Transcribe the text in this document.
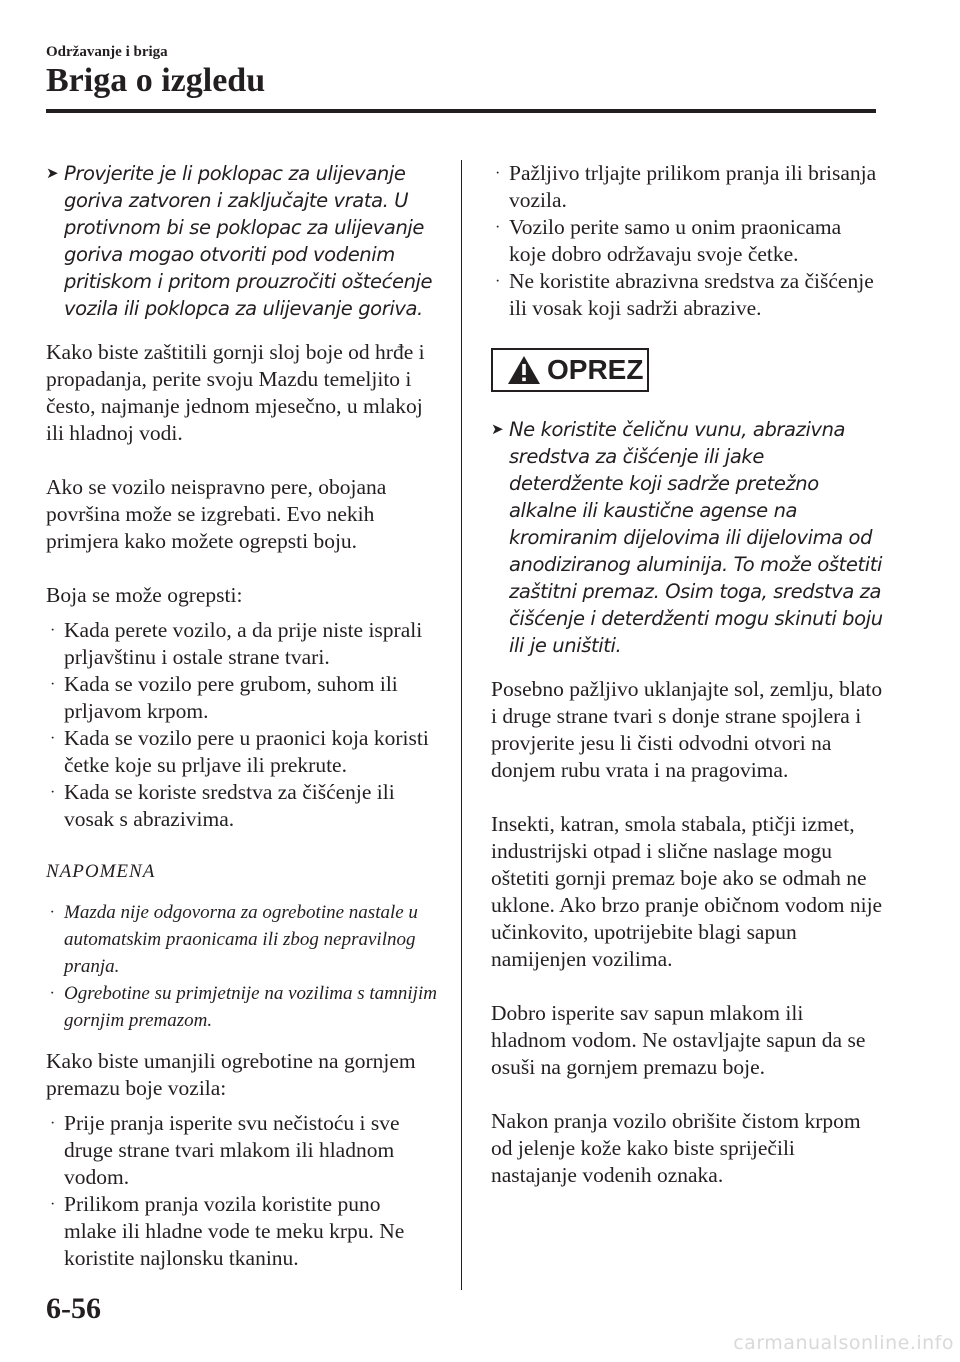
Održavanje i briga
Briga o izgledu

➤ Provjerite je li poklopac za ulijevanje goriva zatvoren i zaključajte vrata. U protivnom bi se poklopac za ulijevanje goriva mogao otvoriti pod vodenim pritiskom i pritom prouzročiti oštećenje vozila ili poklopca za ulijevanje goriva.

Kako biste zaštitili gornji sloj boje od hrđe i propadanja, perite svoju Mazdu temeljito i često, najmanje jednom mjesečno, u mlakoj ili hladnoj vodi.

Ako se vozilo neispravno pere, obojana površina može se izgrebati. Evo nekih primjera kako možete ogrepsti boju.

Boja se može ogrepsti:

· Kada perete vozilo, a da prije niste isprali prljavštinu i ostale strane tvari.
· Kada se vozilo pere grubom, suhom ili prljavom krpom.
· Kada se vozilo pere u praonici koja koristi četke koje su prljave ili prekrute.
· Kada se koriste sredstva za čišćenje ili vosak s abrazivima.

NAPOMENA

· Mazda nije odgovorna za ogrebotine nastale u automatskim praonicama ili zbog nepravilnog pranja.
· Ogrebotine su primjetnije na vozilima s tamnijim gornjim premazom.

Kako biste umanjili ogrebotine na gornjem premazu boje vozila:

· Prije pranja isperite svu nečistoću i sve druge strane tvari mlakom ili hladnom vodom.
· Prilikom pranja vozila koristite puno mlake ili hladne vode te meku krpu. Ne koristite najlonsku tkaninu.
· Pažljivo trljajte prilikom pranja ili brisanja vozila.
· Vozilo perite samo u onim praonicama koje dobro održavaju svoje četke.
· Ne koristite abrazivna sredstva za čišćenje ili vosak koji sadrži abrazive.
OPREZ

➤ Ne koristite čeličnu vunu, abrazivna sredstva za čišćenje ili jake deterdžente koji sadrže pretežno alkalne ili kaustične agense na kromiranim dijelovima ili dijelovima od anodiziranog aluminija. To može oštetiti zaštitni premaz. Osim toga, sredstva za čišćenje i deterdženti mogu skinuti boju ili je uništiti.

Posebno pažljivo uklanjajte sol, zemlju, blato i druge strane tvari s donje strane spojlera i provjerite jesu li čisti odvodni otvori na donjem rubu vrata i na pragovima.

Insekti, katran, smola stabala, ptičji izmet, industrijski otpad i slične naslage mogu oštetiti gornji premaz boje ako se odmah ne uklone. Ako brzo pranje običnom vodom nije učinkovito, upotrijebite blagi sapun namijenjen vozilima.

Dobro isperite sav sapun mlakom ili hladnom vodom. Ne ostavljajte sapun da se osuši na gornjem premazu boje.

Nakon pranja vozilo obrišite čistom krpom od jelenje kože kako biste spriječili nastajanje vodenih oznaka.

6-56
carmanualsonline.info
